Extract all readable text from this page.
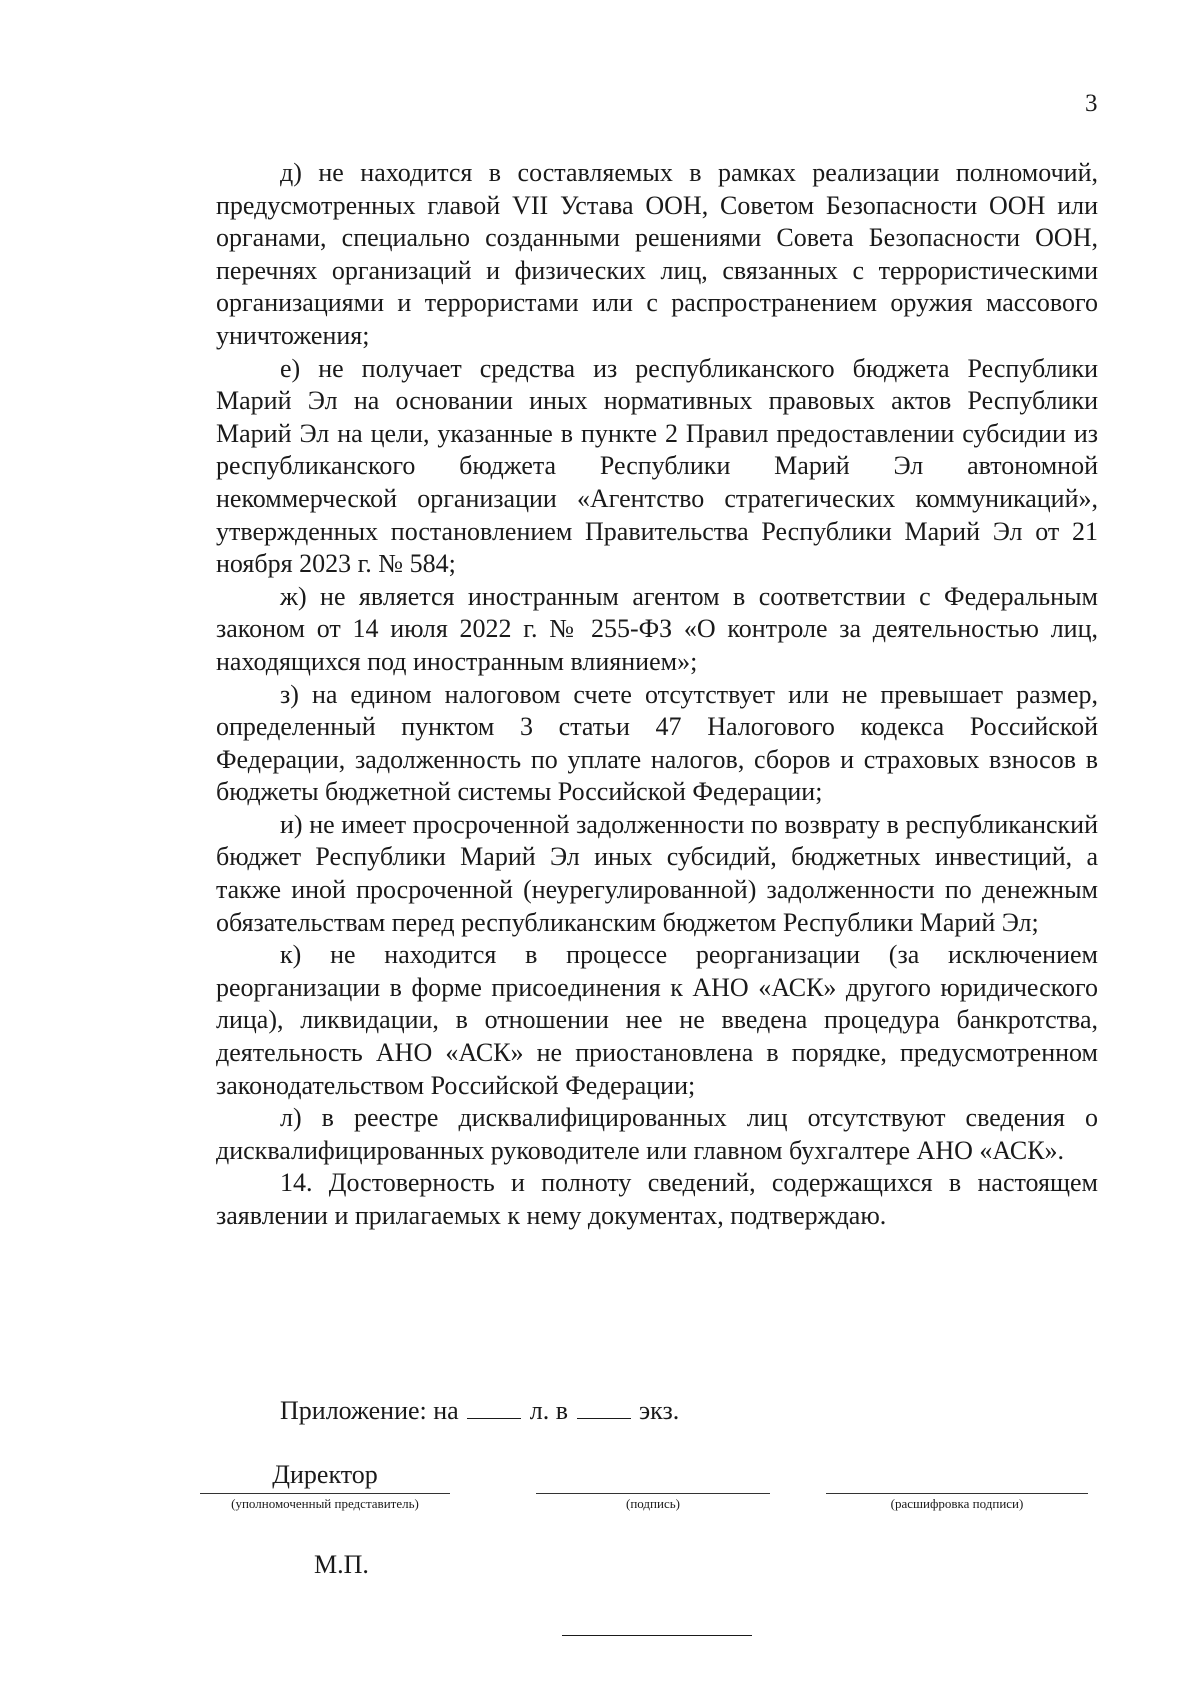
3

д) не находится в составляемых в рамках реализации полномочий, предусмотренных главой VII Устава ООН, Советом Безопасности ООН или органами, специально созданными решениями Совета Безопасности ООН, перечнях организаций и физических лиц, связанных с террористическими организациями и террористами или с распространением оружия массового уничтожения;

е) не получает средства из республиканского бюджета Республики Марий Эл на основании иных нормативных правовых актов Республики Марий Эл на цели, указанные в пункте 2 Правил предоставлении субсидии из республиканского бюджета Республики Марий Эл автономной некоммерческой организации «Агентство стратегических коммуникаций», утвержденных постановлением Правительства Республики Марий Эл от 21 ноября 2023 г. № 584;

ж) не является иностранным агентом в соответствии с Федеральным законом от 14 июля 2022 г. № 255-ФЗ «О контроле за деятельностью лиц, находящихся под иностранным влиянием»;

з) на едином налоговом счете отсутствует или не превышает размер, определенный пунктом 3 статьи 47 Налогового кодекса Российской Федерации, задолженность по уплате налогов, сборов и страховых взносов в бюджеты бюджетной системы Российской Федерации;

и) не имеет просроченной задолженности по возврату в республиканский бюджет Республики Марий Эл иных субсидий, бюджетных инвестиций, а также иной просроченной (неурегулированной) задолженности по денежным обязательствам перед республиканским бюджетом Республики Марий Эл;

к) не находится в процессе реорганизации (за исключением реорганизации в форме присоединения к АНО «АСК» другого юридического лица), ликвидации, в отношении нее не введена процедура банкротства, деятельность АНО «АСК» не приостановлена в порядке, предусмотренном законодательством Российской Федерации;

л) в реестре дисквалифицированных лиц отсутствуют сведения о дисквалифицированных руководителе или главном бухгалтере АНО «АСК».

14. Достоверность и полноту сведений, содержащихся в настоящем заявлении и прилагаемых к нему документах, подтверждаю.

Приложение: на	л. в	экз.
Директор
(уполномоченный представитель)	(подпись)	(расшифровка подписи)
М.П.
